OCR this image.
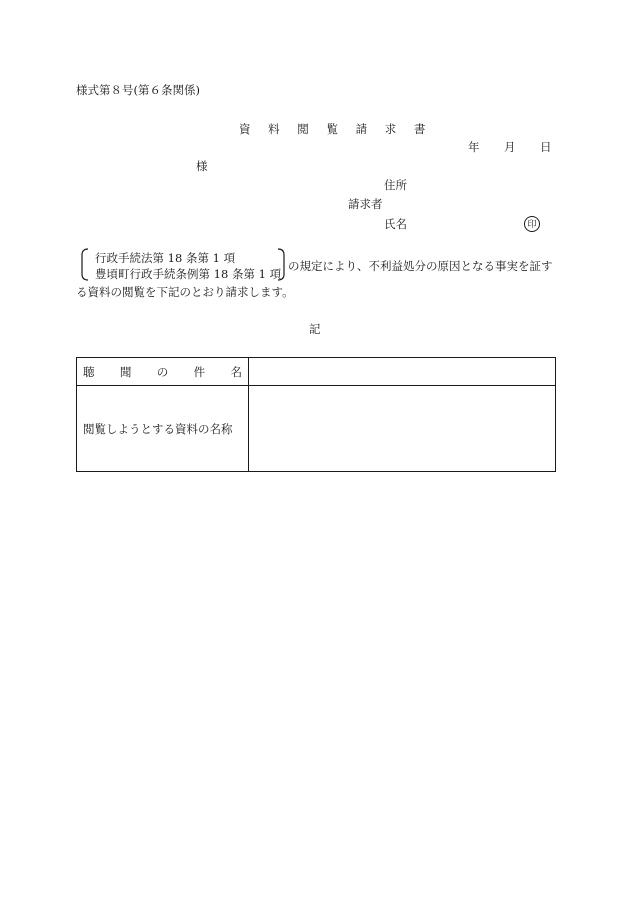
様式第８号(第６条関係)
資 料 閲 覧 請 求 書
年 月 日
様
住所
請求者
氏名	印
行政手続法第 18 条第 1 項
豊頃町行政手続条例第 18 条第 1 項
の規定により、不利益処分の原因となる事実を証す
る資料の閲覧を下記のとおり請求します。
記
聴 聞 の 件 名	

閲覧しようとする資料の名称	
